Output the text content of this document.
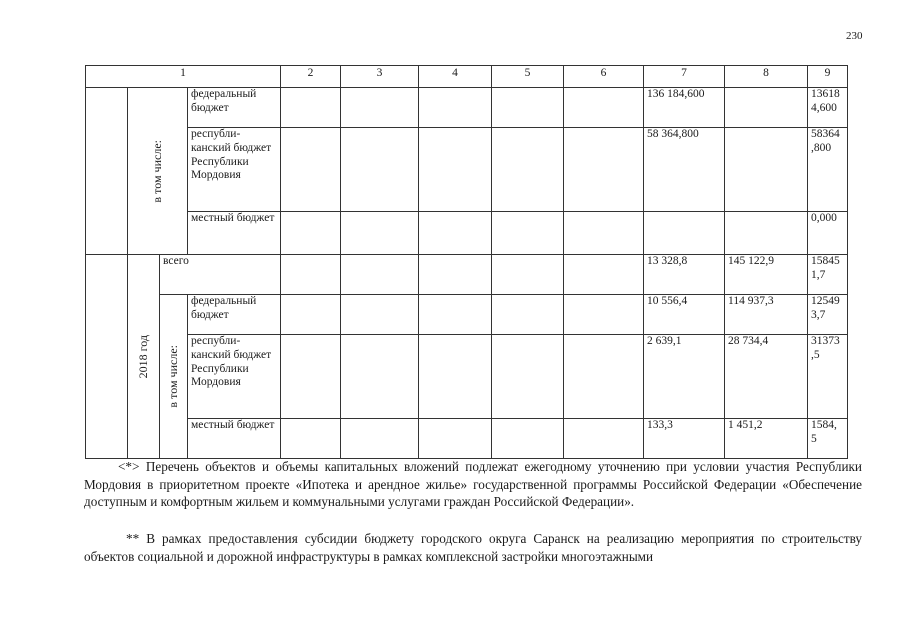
230
1				2	3	4	5	6	7	8	9

	в том числе:		федеральный бюджет						136 184,600		13618 4,600
			республи- канский бюджет Республики Мордовия						58 364,800		58364 ,800
			местный бюджет								0,000

	2018 год	всего							13 328,8	145 122,9	15845 1,7

		в том числе:	федеральный бюджет						10 556,4	114 937,3	12549 3,7
			республи- канский бюджет Республики Мордовия						2 639,1	28 734,4	31373 ,5
			местный бюджет						133,3	1 451,2	1584, 5

<*> Перечень объектов и объемы капитальных вложений подлежат ежегодному уточнению при условии участия Республики Мордовия в приоритетном проекте «Ипотека и арендное жилье» государственной программы Российской Федерации «Обеспечение доступным и комфортным жильем и коммунальными услугами граждан Российской Федерации».

** В рамках предоставления субсидии бюджету городского округа Саранск на реализацию мероприятия по строительству объектов социальной и дорожной инфраструктуры в рамках комплексной застройки многоэтажными
